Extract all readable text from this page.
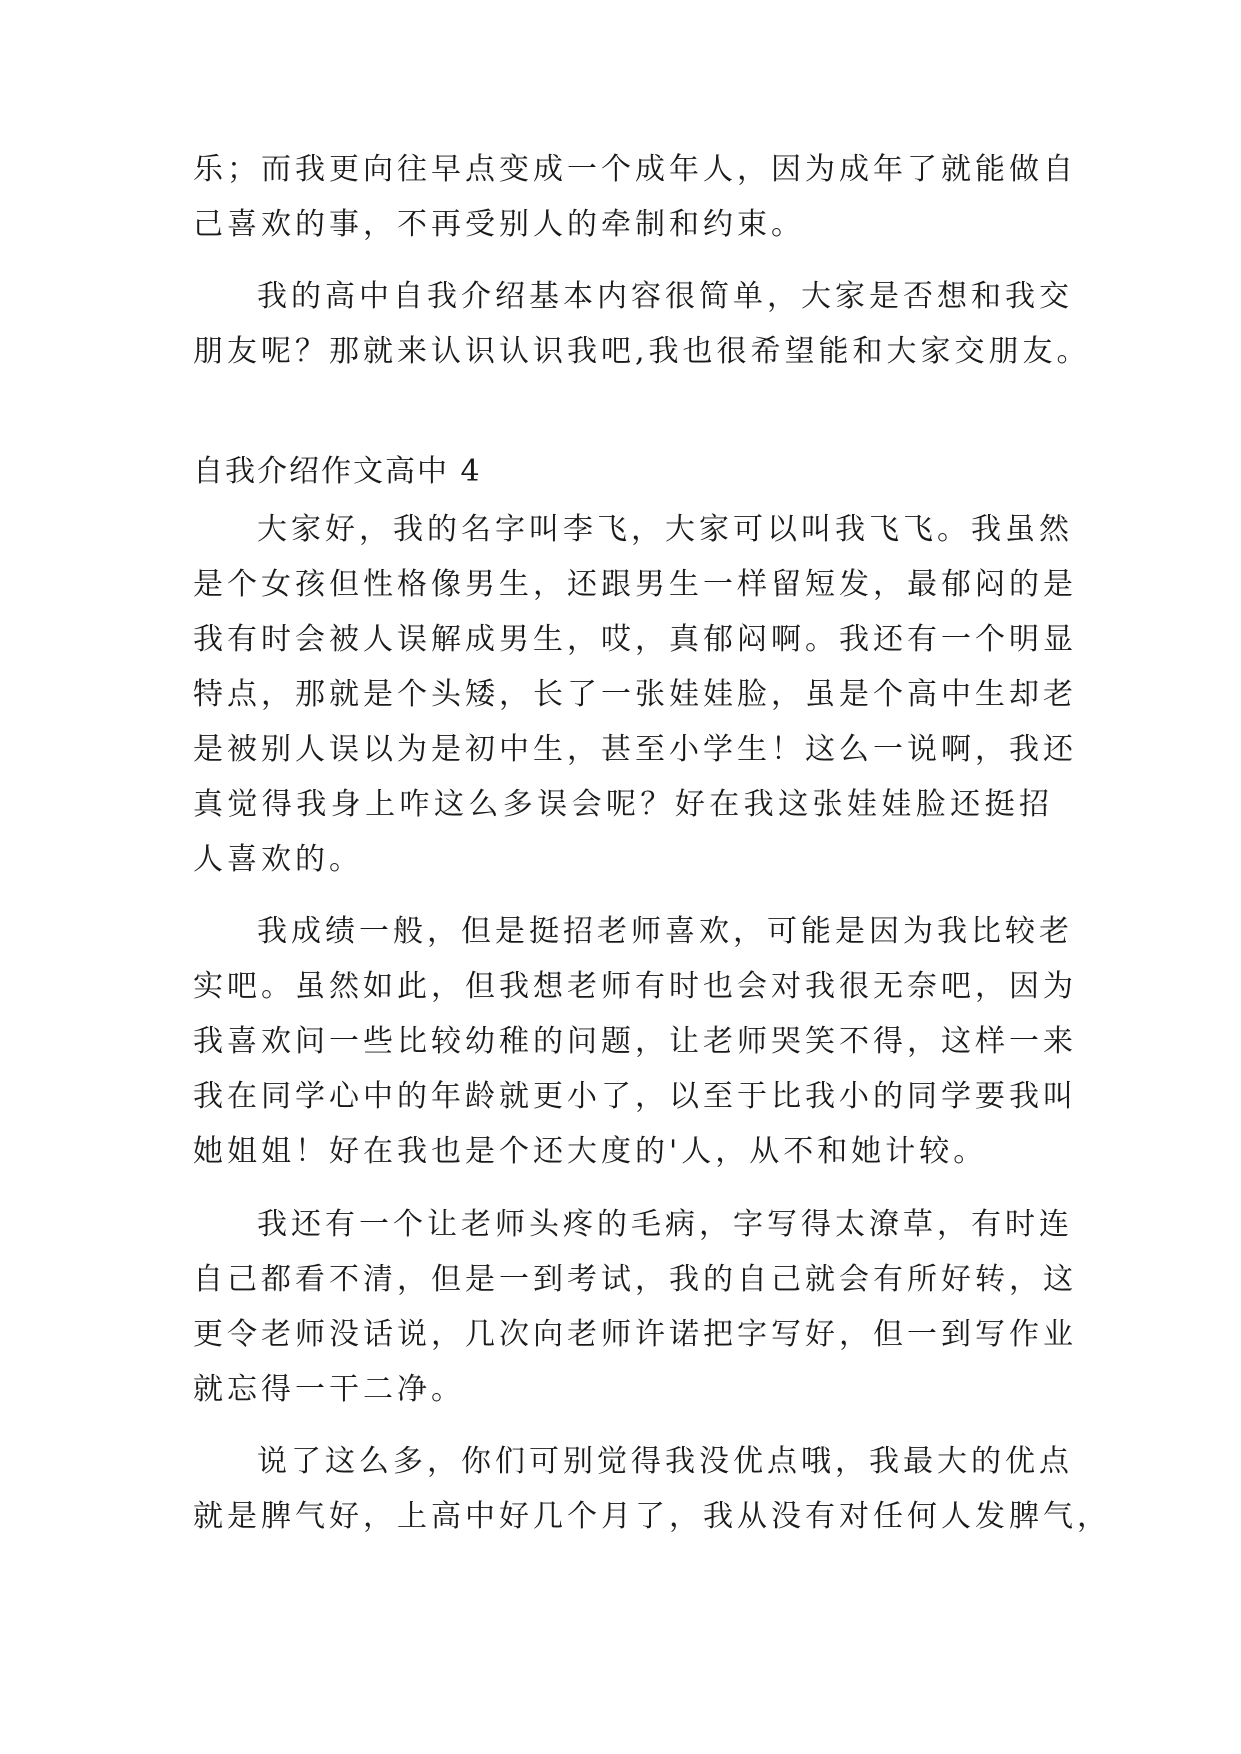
乐；而我更向往早点变成一个成年人，因为成年了就能做自
己喜欢的事，不再受别人的牵制和约束。
我的高中自我介绍基本内容很简单，大家是否想和我交
朋友呢？那就来认识认识我吧,我也很希望能和大家交朋友。
自我介绍作文高中 4
大家好，我的名字叫李飞，大家可以叫我飞飞。我虽然
是个女孩但性格像男生，还跟男生一样留短发，最郁闷的是
我有时会被人误解成男生，哎，真郁闷啊。我还有一个明显
特点，那就是个头矮，长了一张娃娃脸，虽是个高中生却老
是被别人误以为是初中生，甚至小学生！这么一说啊，我还
真觉得我身上咋这么多误会呢？好在我这张娃娃脸还挺招
人喜欢的。
我成绩一般，但是挺招老师喜欢，可能是因为我比较老
实吧。虽然如此，但我想老师有时也会对我很无奈吧，因为
我喜欢问一些比较幼稚的问题，让老师哭笑不得，这样一来
我在同学心中的年龄就更小了，以至于比我小的同学要我叫
她姐姐！好在我也是个还大度的'人，从不和她计较。
我还有一个让老师头疼的毛病，字写得太潦草，有时连
自己都看不清，但是一到考试，我的自己就会有所好转，这
更令老师没话说，几次向老师许诺把字写好，但一到写作业
就忘得一干二净。
说了这么多，你们可别觉得我没优点哦，我最大的优点
就是脾气好，上高中好几个月了，我从没有对任何人发脾气，
